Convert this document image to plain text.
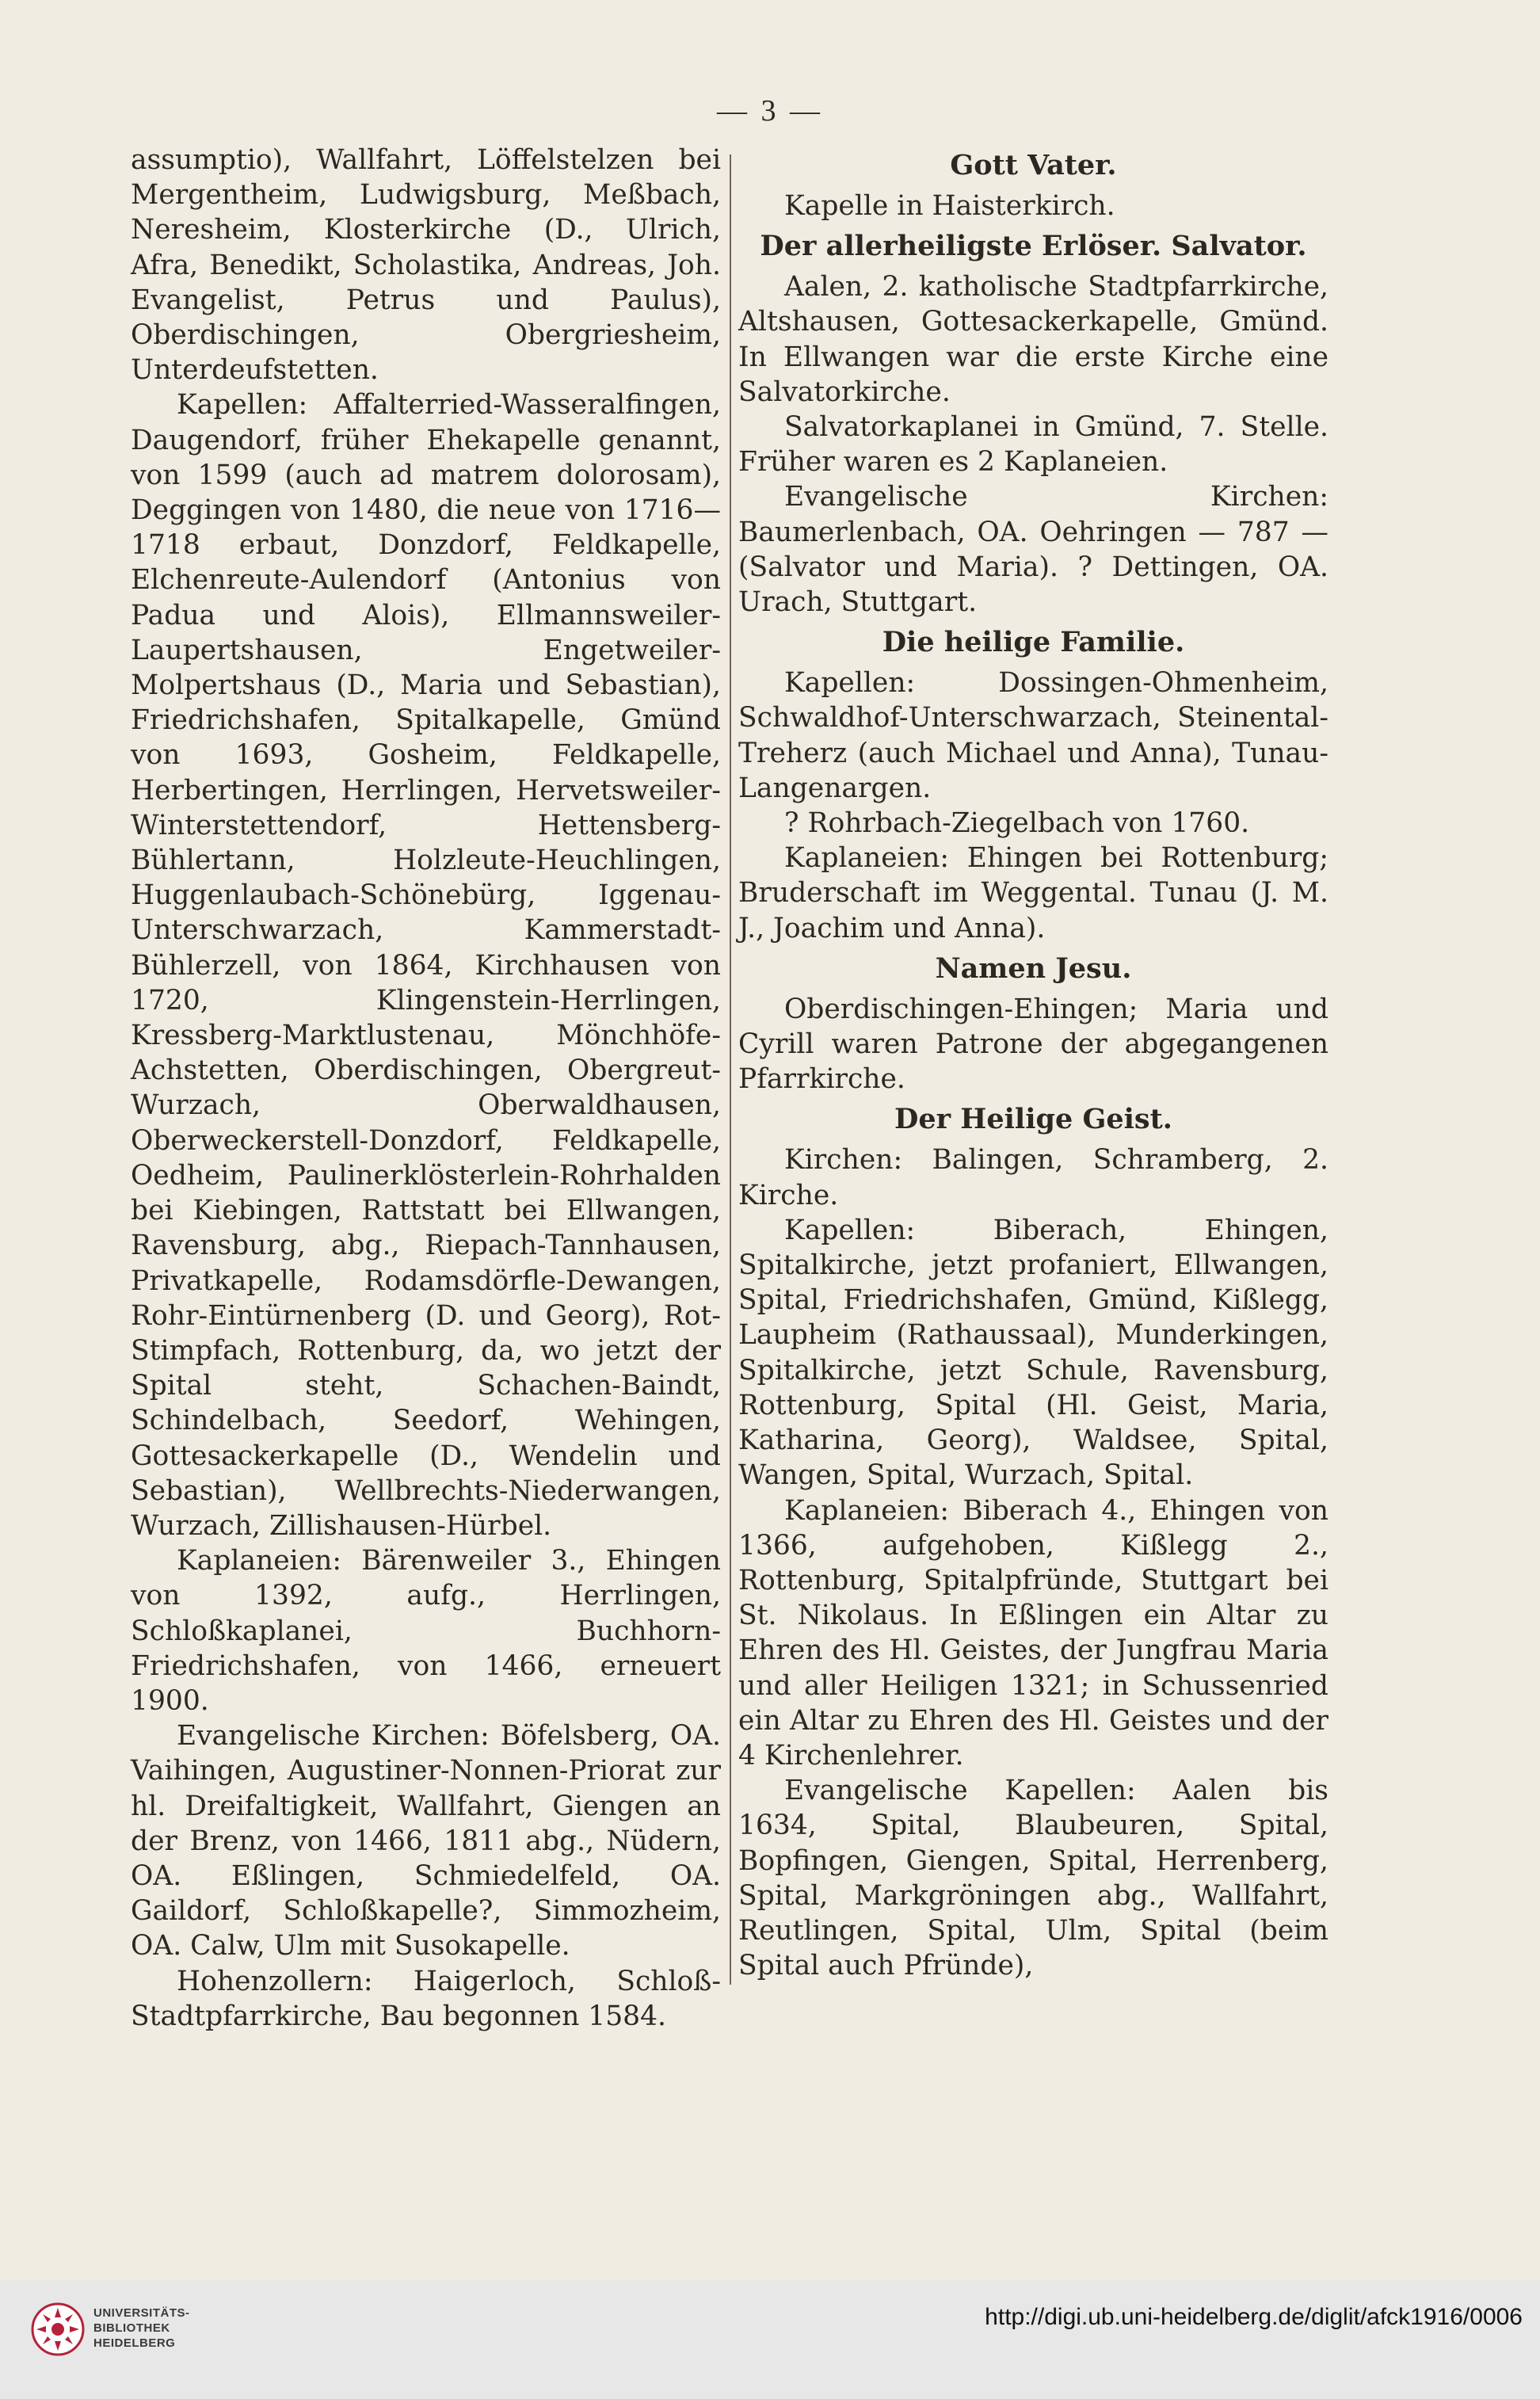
— 3 —

assumptio), Wallfahrt, Löffelstelzen bei Mergentheim, Ludwigsburg, Meßbach, Neresheim, Klosterkirche (D., Ulrich, Afra, Benedikt, Scholastika, Andreas, Joh. Evangelist, Petrus und Paulus), Oberdischingen, Obergriesheim, Unterdeufstetten.

Kapellen: Affalterried-Wasseralfingen, Daugendorf, früher Ehekapelle genannt, von 1599 (auch ad matrem dolorosam), Deggingen von 1480, die neue von 1716—1718 erbaut, Donzdorf, Feldkapelle, Elchenreute-Aulendorf (Antonius von Padua und Alois), Ellmannsweiler-Laupertshausen, Engetweiler-Molpertshaus (D., Maria und Sebastian), Friedrichshafen, Spitalkapelle, Gmünd von 1693, Gosheim, Feldkapelle, Herbertingen, Herrlingen, Hervetsweiler-Winterstettendorf, Hettensberg-Bühlertann, Holzleute-Heuchlingen, Huggenlaubach-Schönebürg, Iggenau-Unterschwarzach, Kammerstadt-Bühlerzell, von 1864, Kirchhausen von 1720, Klingenstein-Herrlingen, Kressberg-Marktlustenau, Mönchhöfe-Achstetten, Oberdischingen, Obergreut-Wurzach, Oberwaldhausen, Oberweckerstell-Donzdorf, Feldkapelle, Oedheim, Paulinerklösterlein-Rohrhalden bei Kiebingen, Rattstatt bei Ellwangen, Ravensburg, abg., Riepach-Tannhausen, Privatkapelle, Rodamsdörfle-Dewangen, Rohr-Eintürnenberg (D. und Georg), Rot-Stimpfach, Rottenburg, da, wo jetzt der Spital steht, Schachen-Baindt, Schindelbach, Seedorf, Wehingen, Gottesackerkapelle (D., Wendelin und Sebastian), Wellbrechts-Niederwangen, Wurzach, Zillishausen-Hürbel.

Kaplaneien: Bärenweiler 3., Ehingen von 1392, aufg., Herrlingen, Schloßkaplanei, Buchhorn-Friedrichshafen, von 1466, erneuert 1900.

Evangelische Kirchen: Böfelsberg, OA. Vaihingen, Augustiner-Nonnen-Priorat zur hl. Dreifaltigkeit, Wallfahrt, Giengen an der Brenz, von 1466, 1811 abg., Nüdern, OA. Eßlingen, Schmiedelfeld, OA. Gaildorf, Schloßkapelle?, Simmozheim, OA. Calw, Ulm mit Susokapelle.

Hohenzollern: Haigerloch, Schloß-Stadtpfarrkirche, Bau begonnen 1584.

Gott Vater.

Kapelle in Haisterkirch.

Der allerheiligste Erlöser. Salvator.

Aalen, 2. katholische Stadtpfarrkirche, Altshausen, Gottesackerkapelle, Gmünd. In Ellwangen war die erste Kirche eine Salvatorkirche.

Salvatorkaplanei in Gmünd, 7. Stelle. Früher waren es 2 Kaplaneien.

Evangelische Kirchen: Baumerlenbach, OA. Oehringen — 787 — (Salvator und Maria). ? Dettingen, OA. Urach, Stuttgart.

Die heilige Familie.

Kapellen: Dossingen-Ohmenheim, Schwaldhof-Unterschwarzach, Steinental-Treherz (auch Michael und Anna), Tunau-Langenargen.

? Rohrbach-Ziegelbach von 1760.

Kaplaneien: Ehingen bei Rottenburg; Bruderschaft im Weggental. Tunau (J. M. J., Joachim und Anna).

Namen Jesu.

Oberdischingen-Ehingen; Maria und Cyrill waren Patrone der abgegangenen Pfarrkirche.

Der Heilige Geist.

Kirchen: Balingen, Schramberg, 2. Kirche.

Kapellen: Biberach, Ehingen, Spitalkirche, jetzt profaniert, Ellwangen, Spital, Friedrichshafen, Gmünd, Kißlegg, Laupheim (Rathaussaal), Munderkingen, Spitalkirche, jetzt Schule, Ravensburg, Rottenburg, Spital (Hl. Geist, Maria, Katharina, Georg), Waldsee, Spital, Wangen, Spital, Wurzach, Spital.

Kaplaneien: Biberach 4., Ehingen von 1366, aufgehoben, Kißlegg 2., Rottenburg, Spitalpfründe, Stuttgart bei St. Nikolaus. In Eßlingen ein Altar zu Ehren des Hl. Geistes, der Jungfrau Maria und aller Heiligen 1321; in Schussenried ein Altar zu Ehren des Hl. Geistes und der 4 Kirchenlehrer.

Evangelische Kapellen: Aalen bis 1634, Spital, Blaubeuren, Spital, Bopfingen, Giengen, Spital, Herrenberg, Spital, Markgröningen abg., Wallfahrt, Reutlingen, Spital, Ulm, Spital (beim Spital auch Pfründe),

UNIVERSITÄTS-
BIBLIOTHEK
HEIDELBERG
http://digi.ub.uni-heidelberg.de/diglit/afck1916/0006
